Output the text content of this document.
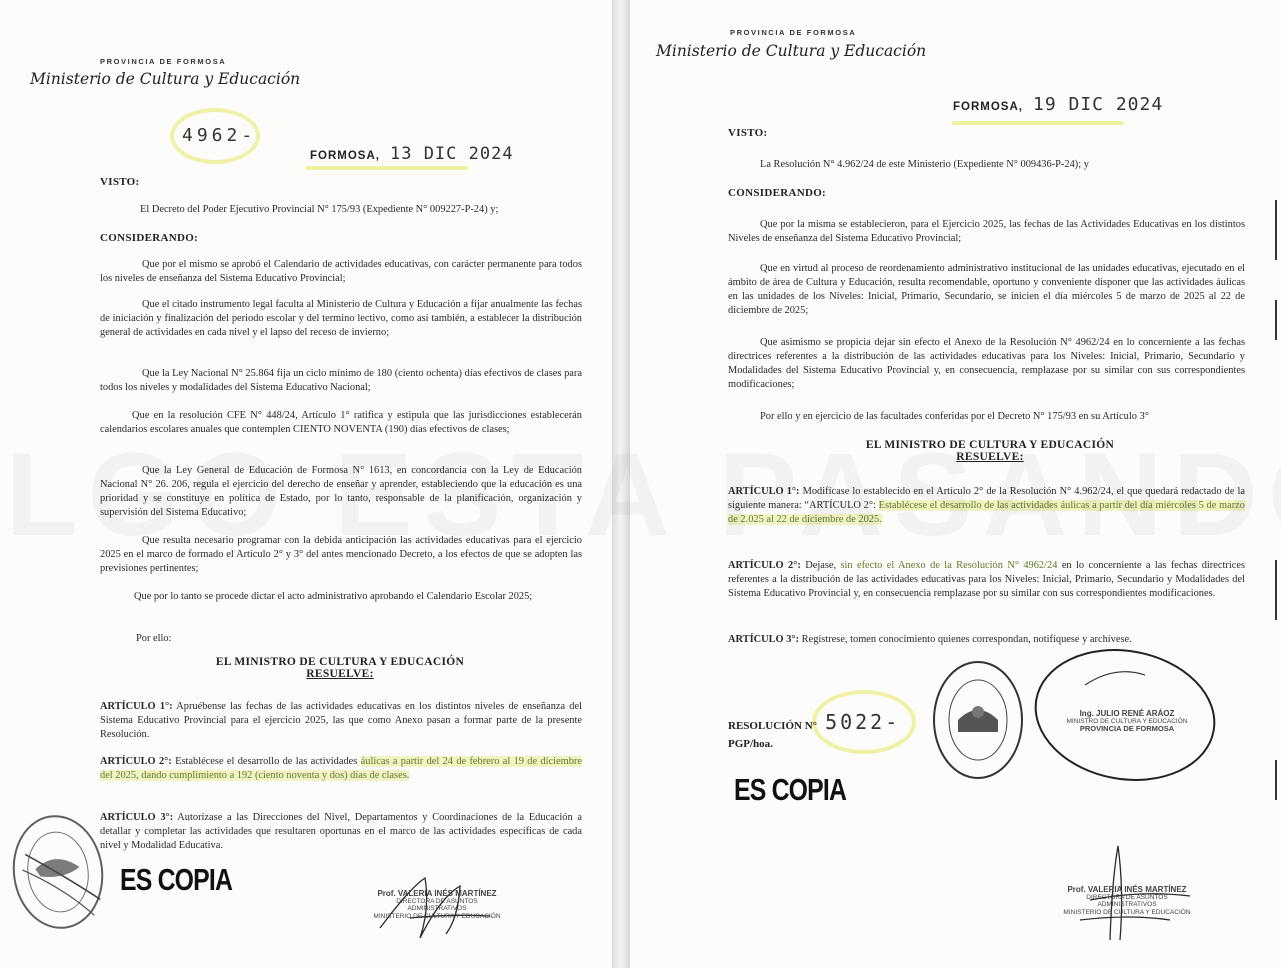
PROVINCIA DE FORMOSA
Ministerio de Cultura y Educación
4962-
FORMOSA, 13 DIC 2024
VISTO:
El Decreto del Poder Ejecutivo Provincial N° 175/93 (Expediente N° 009227-P-24) y;
CONSIDERANDO:
Que por el mismo se aprobó el Calendario de actividades educativas, con carácter permanente para todos los niveles de enseñanza del Sistema Educativo Provincial;
Que el citado instrumento legal faculta al Ministerio de Cultura y Educación a fijar anualmente las fechas de iniciación y finalización del periodo escolar y del termino lectivo, como así también, a establecer la distribución general de actividades en cada nivel y el lapso del receso de invierno;
Que la Ley Nacional N° 25.864 fija un ciclo mínimo de 180 (ciento ochenta) días efectivos de clases para todos los niveles y modalidades del Sistema Educativo Nacional;
Que en la resolución CFE N° 448/24, Artículo 1° ratifica y estipula que las jurisdicciones establecerán calendarios escolares anuales que contemplen CIENTO NOVENTA (190) días efectivos de clases;
Que la Ley General de Educación de Formosa N° 1613, en concordancia con la Ley de Educación Nacional N° 26. 206, regula el ejercicio del derecho de enseñar y aprender, estableciendo que la educación es una prioridad y se constituye en política de Estado, por lo tanto, responsable de la planificación, organización y supervisión del Sistema Educativo;
Que resulta necesario programar con la debida anticipación las actividades educativas para el ejercicio 2025 en el marco de formado el Artículo 2° y 3° del antes mencionado Decreto, a los efectos de que se adopten las previsiones pertinentes;
Que por lo tanto se procede dictar el acto administrativo aprobando el Calendario Escolar 2025;
Por ello:
EL MINISTRO DE CULTURA Y EDUCACIÓN
RESUELVE:
ARTÍCULO 1°: Apruébense las fechas de las actividades educativas en los distintos niveles de enseñanza del Sistema Educativo Provincial para el ejercicio 2025, las que como Anexo pasan a formar parte de la presente Resolución.
ARTÍCULO 2°: Establécese el desarrollo de las actividades áulicas a partir del 24 de febrero al 19 de diciembre del 2025, dando cumplimiento a 192 (ciento noventa y dos) días de clases.
ARTÍCULO 3°: Autorízase a las Direcciones del Nivel, Departamentos y Coordinaciones de la Educación a detallar y completar las actividades que resultaren oportunas en el marco de las actividades específicas de cada nivel y Modalidad Educativa.
ES COPIA	Prof. VALERIA INÉS MARTÍNEZ
DIRECTORA DE ASUNTOS
ADMINISTRATIVOS
MINISTERIO DE CULTURA Y EDUCACIÓN
PROVINCIA DE FORMOSA
Ministerio de Cultura y Educación
FORMOSA, 19 DIC 2024
VISTO:
La Resolución N° 4.962/24 de este Ministerio (Expediente N° 009436-P-24); y
CONSIDERANDO:
Que por la misma se establecieron, para el Ejercicio 2025, las fechas de las Actividades Educativas en los distintos Niveles de enseñanza del Sistema Educativo Provincial;
Que en virtud al proceso de reordenamiento administrativo institucional de las unidades educativas, ejecutado en el ámbito de área de Cultura y Educación, resulta recomendable, oportuno y conveniente disponer que las actividades áulicas en las unidades de los Niveles: Inicial, Primario, Secundario, se inicien el día miércoles 5 de marzo de 2025 al 22 de diciembre de 2025;
Que asimismo se propicia dejar sin efecto el Anexo de la Resolución N° 4962/24 en lo concerniente a las fechas directrices referentes a la distribución de las actividades educativas para los Niveles: Inicial, Primario, Secundario y Modalidades del Sistema Educativo Provincial y, en consecuencia, remplazase por su similar con sus correspondientes modificaciones;
Por ello y en ejercicio de las facultades conferidas por el Decreto N° 175/93 en su Artículo 3°
EL MINISTRO DE CULTURA Y EDUCACIÓN
RESUELVE:
ARTÍCULO 1°: Modifícase lo establecido en el Artículo 2° de la Resolución N° 4.962/24, el que quedará redactado de la siguiente manera: “ARTÍCULO 2°: Establécese el desarrollo de las actividades áulicas a partir del día miércoles 5 de marzo de 2.025 al 22 de diciembre de 2025.
ARTÍCULO 2°: Dejase, sin efecto el Anexo de la Resolución N° 4962/24 en lo concerniente a las fechas directrices referentes a la distribución de las actividades educativas para los Niveles: Inicial, Primario, Secundario y Modalidades del Sistema Educativo Provincial y, en consecuencia remplazase por su similar con sus correspondientes modificaciones.
ARTÍCULO 3°: Regístrese, tomen conocimiento quienes correspondan, notifíquese y archívese.
Ing. JULIO RENÉ ARÁOZ
MINISTRO DE CULTURA Y EDUCACIÓN
PROVINCIA DE FORMOSA
RESOLUCIÓN N° 5022-
PGP/hoa.
ES COPIA
Prof. VALERIA INÉS MARTÍNEZ
DIRECTORA DE ASUNTOS
ADMINISTRATIVOS
MINISTERIO DE CULTURA Y EDUCACIÓN
